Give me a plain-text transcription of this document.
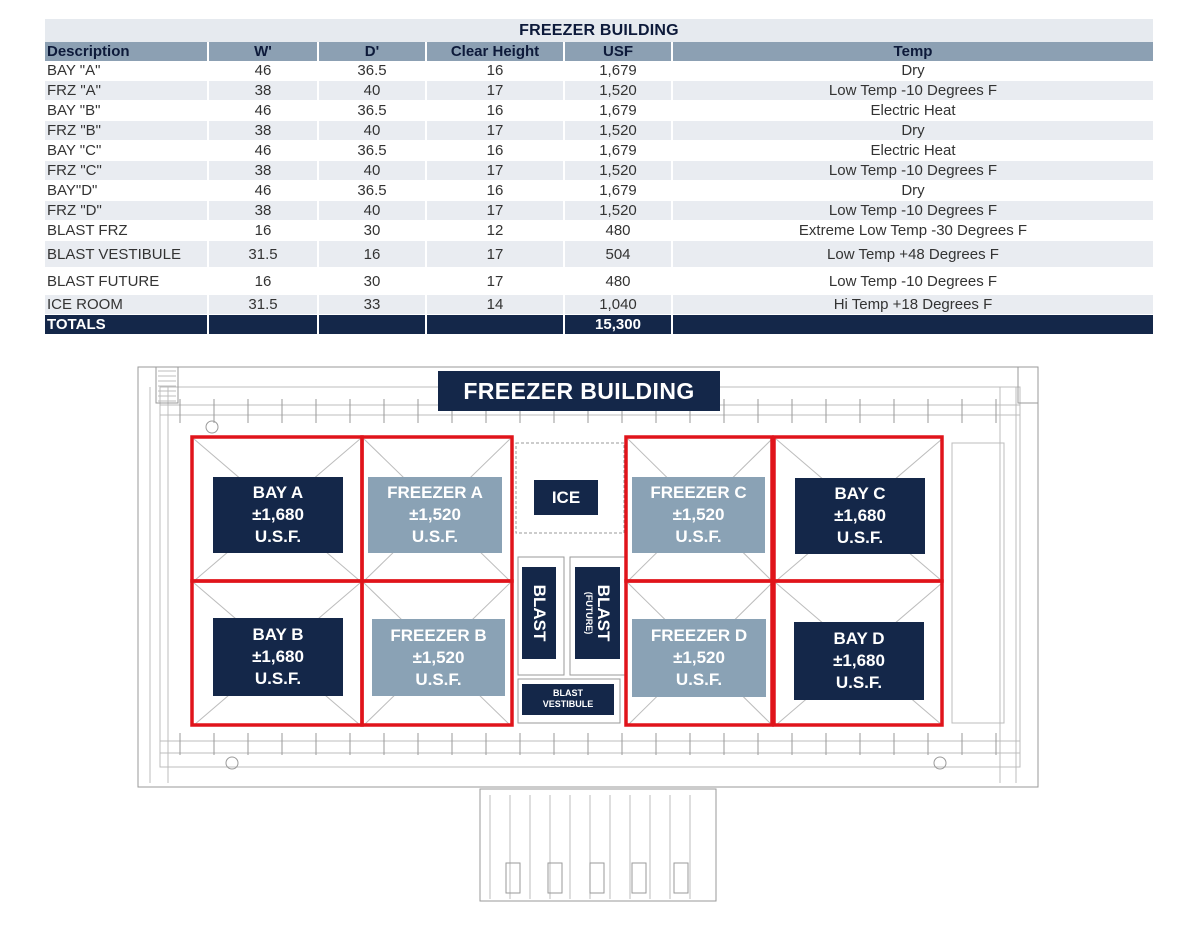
FREEZER BUILDING
Description	W'	D'	Clear Height	USF	Temp
BAY "A"	46	36.5	16	1,679	Dry
FRZ "A"	38	40	17	1,520	Low Temp -10 Degrees F
BAY "B"	46	36.5	16	1,679	Electric Heat
FRZ "B"	38	40	17	1,520	Dry
BAY "C"	46	36.5	16	1,679	Electric Heat
FRZ "C"	38	40	17	1,520	Low Temp -10 Degrees F
BAY"D"	46	36.5	16	1,679	Dry
FRZ "D"	38	40	17	1,520	Low Temp -10 Degrees F
BLAST FRZ	16	30	12	480	Extreme Low Temp -30 Degrees F
BLAST VESTIBULE	31.5	16	17	504	Low Temp +48 Degrees F
BLAST FUTURE	16	30	17	480	Low Temp -10 Degrees F
ICE ROOM	31.5	33	14	1,040	Hi Temp +18 Degrees F
TOTALS				15,300	
FREEZER BUILDING
BAY A
±1,680
U.S.F.
FREEZER A
±1,520
U.S.F.
FREEZER C
±1,520
U.S.F.
BAY C
±1,680
U.S.F.
BAY B
±1,680
U.S.F.
FREEZER B
±1,520
U.S.F.
FREEZER D
±1,520
U.S.F.
BAY D
±1,680
U.S.F.
ICE
BLAST	BLAST
(FUTURE)
BLAST
VESTIBULE
